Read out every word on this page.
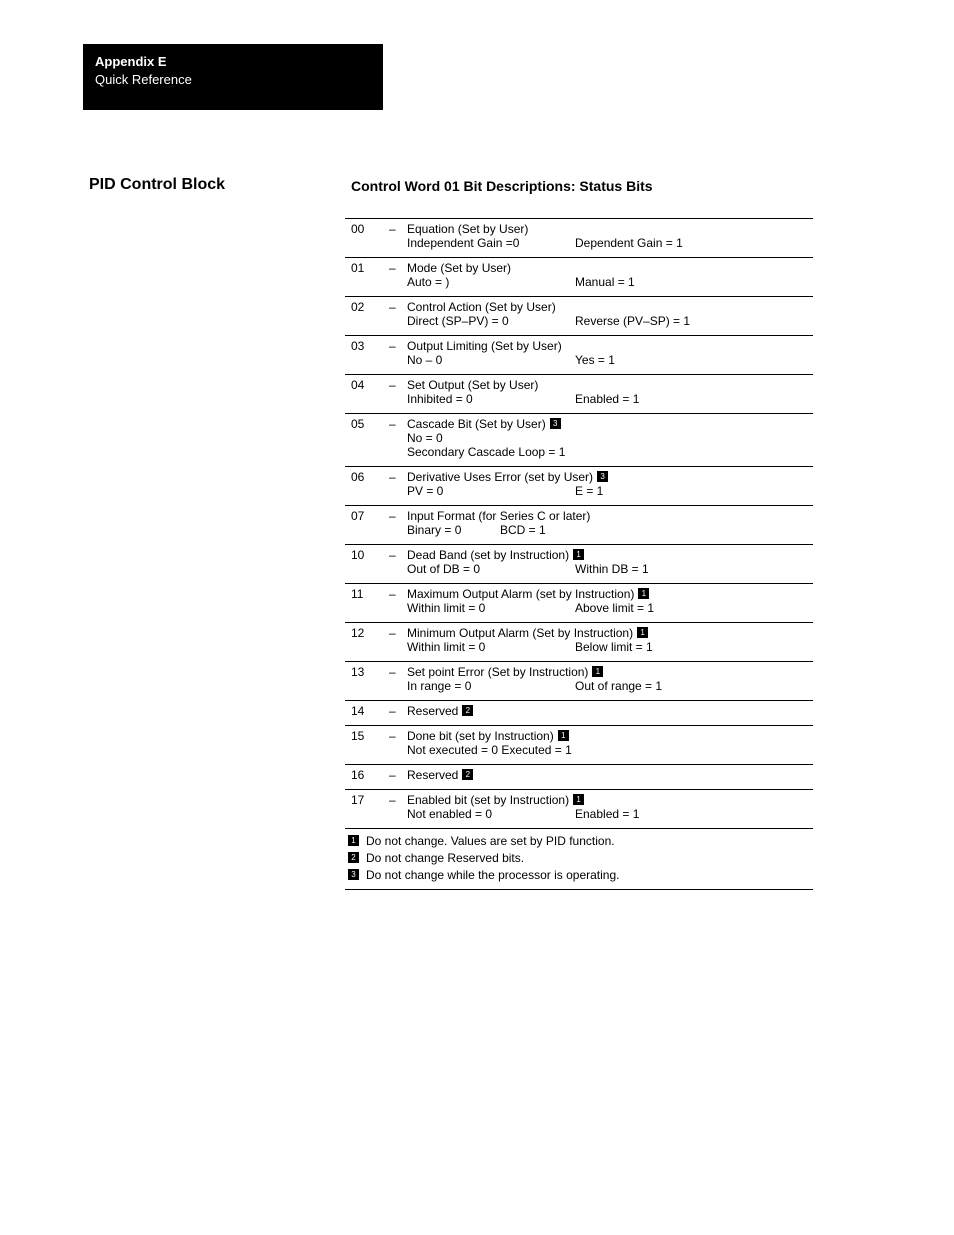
Appendix E
Quick Reference
PID Control Block	Control Word 01 Bit Descriptions: Status Bits
00 – Equation (Set by User)
Independent Gain =0	Dependent Gain = 1
01 – Mode (Set by User)
Auto = )	Manual = 1
02 – Control Action (Set by User)
Direct (SP–PV) = 0	Reverse (PV–SP) = 1
03 – Output Limiting (Set by User)
No – 0	Yes = 1
04 – Set Output (Set by User)
Inhibited = 0	Enabled = 1
05 – Cascade Bit (Set by User) 3
No = 0
Secondary Cascade Loop = 1
06 – Derivative Uses Error (set by User) 3
PV = 0	E = 1
07 – Input Format (for Series C or later)
Binary = 0	BCD = 1
10 – Dead Band (set by Instruction) 1
Out of DB = 0	Within DB = 1
11 – Maximum Output Alarm (set by Instruction) 1
Within limit = 0	Above limit = 1
12 – Minimum Output Alarm (Set by Instruction) 1
Within limit = 0	Below limit = 1
13 – Set point Error (Set by Instruction) 1
In range = 0	Out of range = 1
14 – Reserved 2
15 – Done bit (set by Instruction) 1
Not executed = 0 Executed = 1
16 – Reserved 2
17 – Enabled bit (set by Instruction) 1
Not enabled = 0	Enabled = 1
1 Do not change. Values are set by PID function.
2 Do not change Reserved bits.
3 Do not change while the processor is operating.
